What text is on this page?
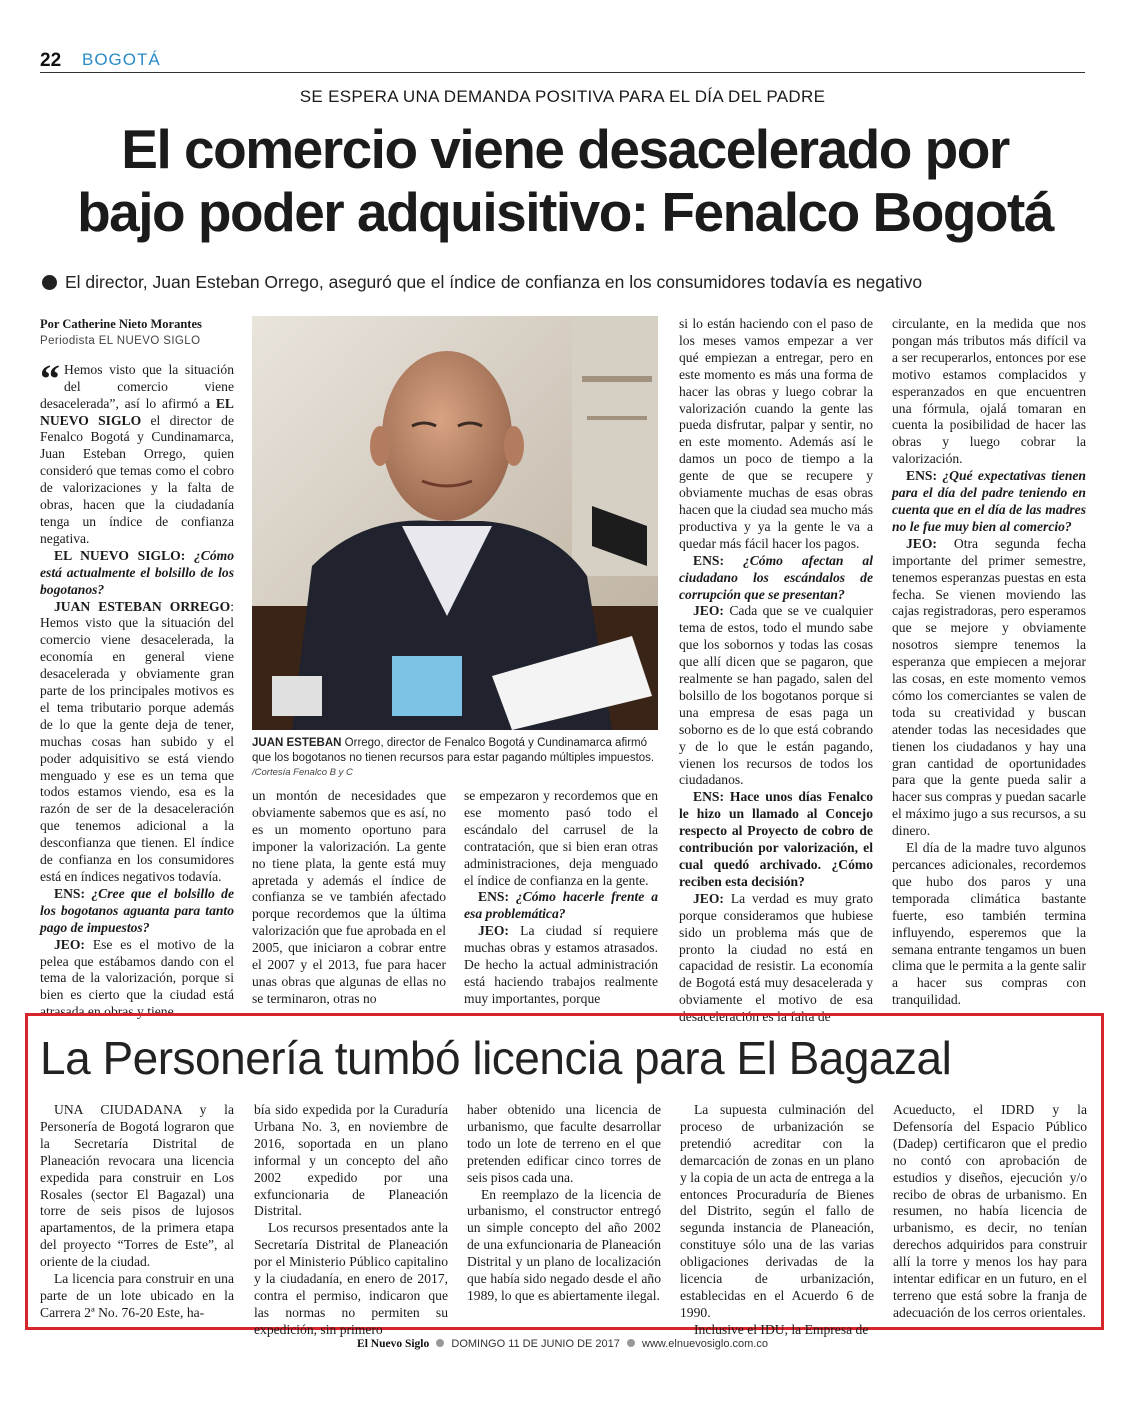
22 BOGOTÁ
SE ESPERA UNA DEMANDA POSITIVA PARA EL DÍA DEL PADRE
El comercio viene desacelerado por
bajo poder adquisitivo: Fenalco Bogotá
El director, Juan Esteban Orrego, aseguró que el índice de confianza en los consumidores todavía es negativo

Por Catherine Nieto Morantes

Periodista EL NUEVO SIGLO

“ Hemos visto que la situación del comercio viene desacelerada”, así lo afirmó a EL NUEVO SIGLO el director de Fenalco Bogotá y Cundinamarca, Juan Esteban Orrego, quien consideró que temas como el cobro de valorizaciones y la falta de obras, hacen que la ciudadanía tenga un índice de confianza negativa.

EL NUEVO SIGLO: ¿Cómo está actualmente el bolsillo de los bogotanos?

JUAN ESTEBAN ORREGO: Hemos visto que la situación del comercio viene desacelerada, la economía en general viene desacelerada y obviamente gran parte de los principales motivos es el tema tributario porque además de lo que la gente deja de tener, muchas cosas han subido y el poder adquisitivo se está viendo menguado y ese es un tema que todos estamos viendo, esa es la razón de ser de la desaceleración que tenemos adicional a la desconfianza que tienen. El índice de confianza en los consumidores está en índices negativos todavía.

ENS: ¿Cree que el bolsillo de los bogotanos aguanta para tanto pago de impuestos?

JEO: Ese es el motivo de la pelea que estábamos dando con el tema de la valorización, porque si bien es cierto que la ciudad está atrasada en obras y tiene

JUAN ESTEBAN Orrego, director de Fenalco Bogotá y Cundinamarca afirmó que los bogotanos no tienen recursos para estar pagando múltiples impuestos.
/Cortesía Fenalco B y C

un montón de necesidades que obviamente sabemos que es así, no es un momento oportuno para imponer la valorización. La gente no tiene plata, la gente está muy apretada y además el índice de confianza se ve también afectado porque recordemos que la última valorización que fue aprobada en el 2005, que iniciaron a cobrar entre el 2007 y el 2013, fue para hacer unas obras que algunas de ellas no se terminaron, otras no

se empezaron y recordemos que en ese momento pasó todo el escándalo del carrusel de la contratación, que si bien eran otras administraciones, deja menguado el índice de confianza en la gente.

ENS: ¿Cómo hacerle frente a esa problemática?

JEO: La ciudad sí requiere muchas obras y estamos atrasados. De hecho la actual administración está haciendo trabajos realmente muy importantes, porque

si lo están haciendo con el paso de los meses vamos empezar a ver qué empiezan a entregar, pero en este momento es más una forma de hacer las obras y luego cobrar la valorización cuando la gente las pueda disfrutar, palpar y sentir, no en este momento. Además así le damos un poco de tiempo a la gente de que se recupere y obviamente muchas de esas obras hacen que la ciudad sea mucho más productiva y ya la gente le va a quedar más fácil hacer los pagos.

ENS: ¿Cómo afectan al ciudadano los escándalos de corrupción que se presentan?

JEO: Cada que se ve cualquier tema de estos, todo el mundo sabe que los sobornos y todas las cosas que allí dicen que se pagaron, que realmente se han pagado, salen del bolsillo de los bogotanos porque si una empresa de esas paga un soborno es de lo que está cobrando y de lo que le están pagando, vienen los recursos de todos los ciudadanos.

ENS: Hace unos días Fenalco le hizo un llamado al Concejo respecto al Proyecto de cobro de contribución por valorización, el cual quedó archivado. ¿Cómo reciben esta decisión?

JEO: La verdad es muy grato porque consideramos que hubiese sido un problema más que de pronto la ciudad no está en capacidad de resistir. La economía de Bogotá está muy desacelerada y obviamente el motivo de esa desaceleración es la falta de

circulante, en la medida que nos pongan más tributos más difícil va a ser recuperarlos, entonces por ese motivo estamos complacidos y esperanzados en que encuentren una fórmula, ojalá tomaran en cuenta la posibilidad de hacer las obras y luego cobrar la valorización.

ENS: ¿Qué expectativas tienen para el día del padre teniendo en cuenta que en el día de las madres no le fue muy bien al comercio?

JEO: Otra segunda fecha importante del primer semestre, tenemos esperanzas puestas en esta fecha. Se vienen moviendo las cajas registradoras, pero esperamos que se mejore y obviamente nosotros siempre tenemos la esperanza que empiecen a mejorar las cosas, en este momento vemos cómo los comerciantes se valen de toda su creatividad y buscan atender todas las necesidades que tienen los ciudadanos y hay una gran cantidad de oportunidades para que la gente pueda salir a hacer sus compras y puedan sacarle el máximo jugo a sus recursos, a su dinero.

El día de la madre tuvo algunos percances adicionales, recordemos que hubo dos paros y una temporada climática bastante fuerte, eso también termina influyendo, esperemos que la semana entrante tengamos un buen clima que le permita a la gente salir a hacer sus compras con tranquilidad.

La Personería tumbó licencia para El Bagazal

UNA CIUDADANA y la Personería de Bogotá lograron que la Secretaría Distrital de Planeación revocara una licencia expedida para construir en Los Rosales (sector El Bagazal) una torre de seis pisos de lujosos apartamentos, de la primera etapa del proyecto “Torres de Este”, al oriente de la ciudad.

La licencia para construir en una parte de un lote ubicado en la Carrera 2ª No. 76-20 Este, ha-

bía sido expedida por la Curaduría Urbana No. 3, en noviembre de 2016, soportada en un plano informal y un concepto del año 2002 expedido por una exfuncionaria de Planeación Distrital.

Los recursos presentados ante la Secretaría Distrital de Planeación por el Ministerio Público capitalino y la ciudadanía, en enero de 2017, contra el permiso, indicaron que las normas no permiten su expedición, sin primero

haber obtenido una licencia de urbanismo, que faculte desarrollar todo un lote de terreno en el que pretenden edificar cinco torres de seis pisos cada una.

En reemplazo de la licencia de urbanismo, el constructor entregó un simple concepto del año 2002 de una exfuncionaria de Planeación Distrital y un plano de localización que había sido negado desde el año 1989, lo que es abiertamente ilegal.

La supuesta culminación del proceso de urbanización se pretendió acreditar con la demarcación de zonas en un plano y la copia de un acta de entrega a la entonces Procuraduría de Bienes del Distrito, según el fallo de segunda instancia de Planeación, constituye sólo una de las varias obligaciones derivadas de la licencia de urbanización, establecidas en el Acuerdo 6 de 1990.

Inclusive el IDU, la Empresa de

Acueducto, el IDRD y la Defensoría del Espacio Público (Dadep) certificaron que el predio no contó con aprobación de estudios y diseños, ejecución y/o recibo de obras de urbanismo. En resumen, no había licencia de urbanismo, es decir, no tenían derechos adquiridos para construir allí la torre y menos los hay para intentar edificar en un futuro, en el terreno que está sobre la franja de adecuación de los cerros orientales.

El Nuevo Siglo DOMINGO 11 DE JUNIO DE 2017 www.elnuevosiglo.com.co
